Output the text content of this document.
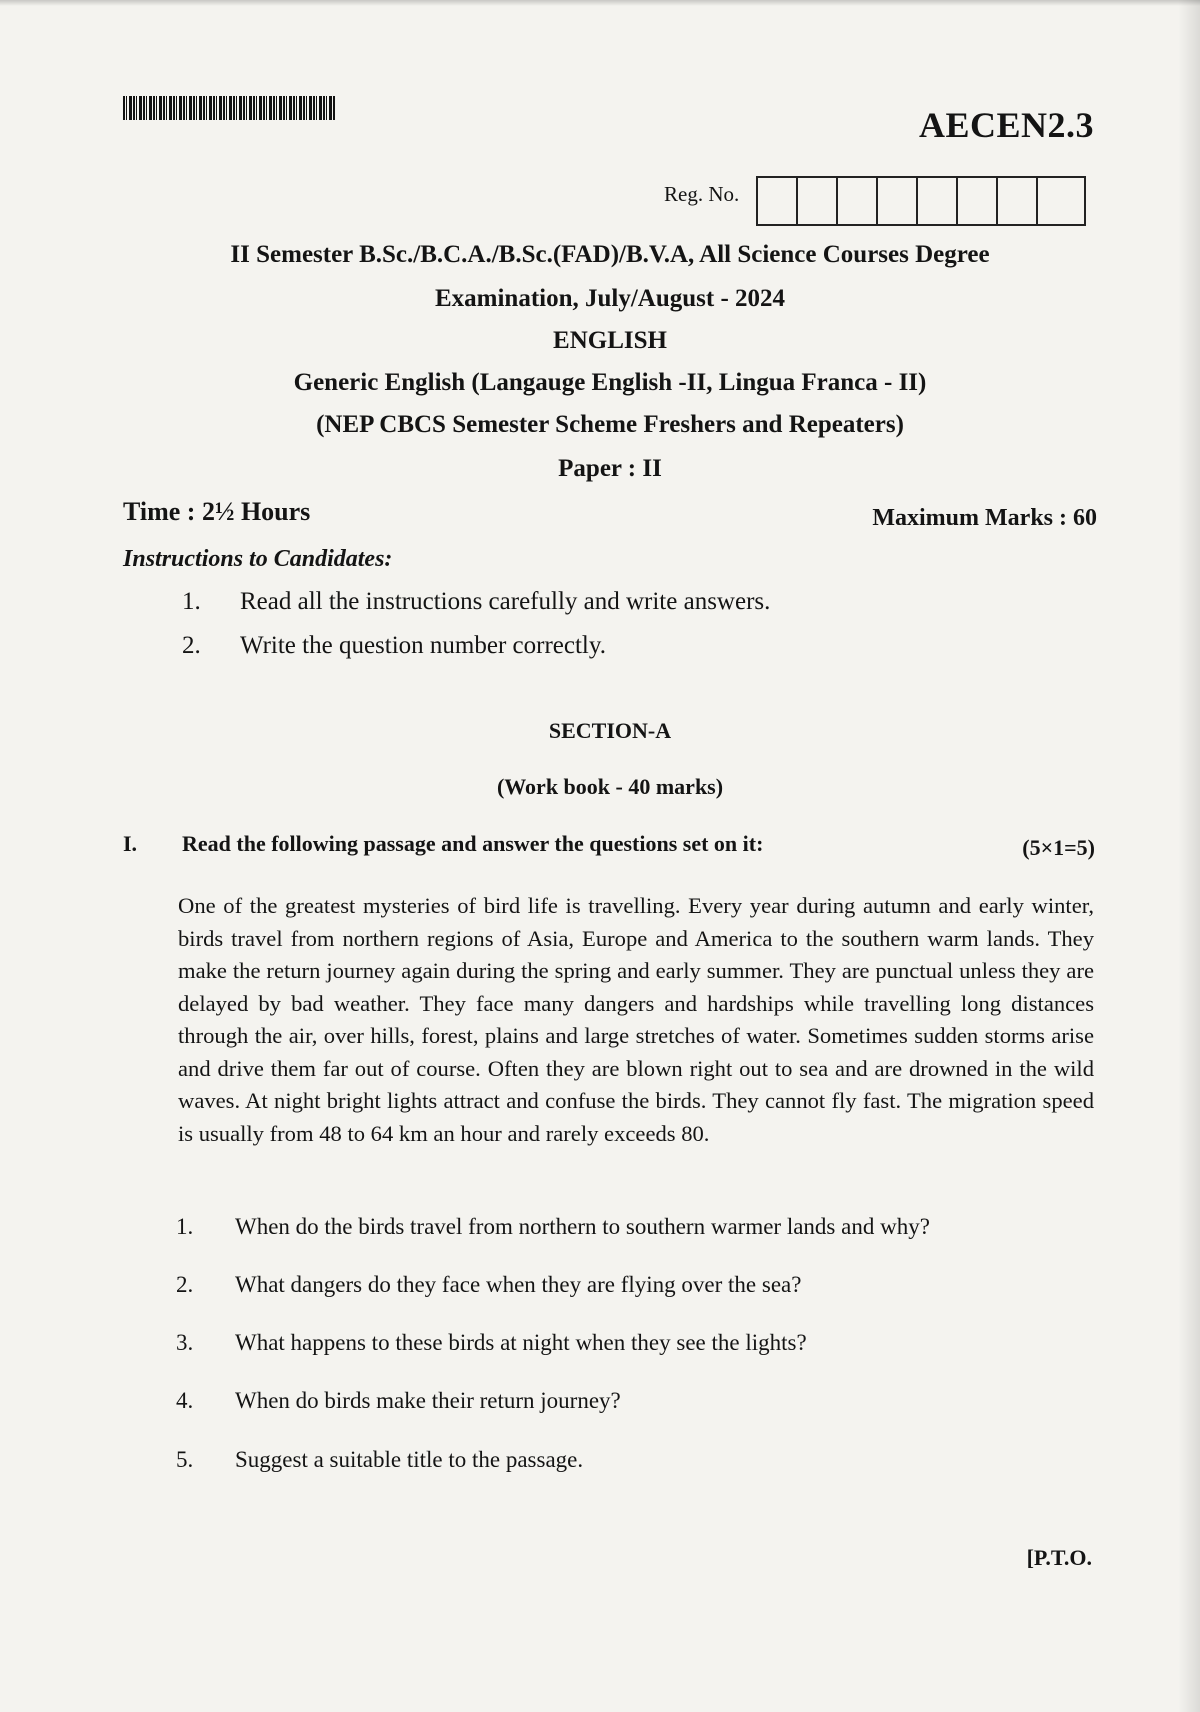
AECEN2.3
Reg. No.
II Semester B.Sc./B.C.A./B.Sc.(FAD)/B.V.A, All Science Courses Degree
Examination, July/August - 2024
ENGLISH
Generic English (Langauge English -II, Lingua Franca - II)
(NEP CBCS Semester Scheme Freshers and Repeaters)
Paper : II
Time : 2½ Hours	Maximum Marks : 60
Instructions to Candidates:
1. Read all the instructions carefully and write answers.
2. Write the question number correctly.
SECTION-A
(Work book - 40 marks)
I. Read the following passage and answer the questions set on it:	(5×1=5)
One of the greatest mysteries of bird life is travelling. Every year during autumn and early winter, birds travel from northern regions of Asia, Europe and America to the southern warm lands. They make the return journey again during the spring and early summer. They are punctual unless they are delayed by bad weather. They face many dangers and hardships while travelling long distances through the air, over hills, forest, plains and large stretches of water. Sometimes sudden storms arise and drive them far out of course. Often they are blown right out to sea and are drowned in the wild waves. At night bright lights attract and confuse the birds. They cannot fly fast. The migration speed is usually from 48 to 64 km an hour and rarely exceeds 80.
1. When do the birds travel from northern to southern warmer lands and why?
2. What dangers do they face when they are flying over the sea?
3. What happens to these birds at night when they see the lights?
4. When do birds make their return journey?
5. Suggest a suitable title to the passage.
[P.T.O.
